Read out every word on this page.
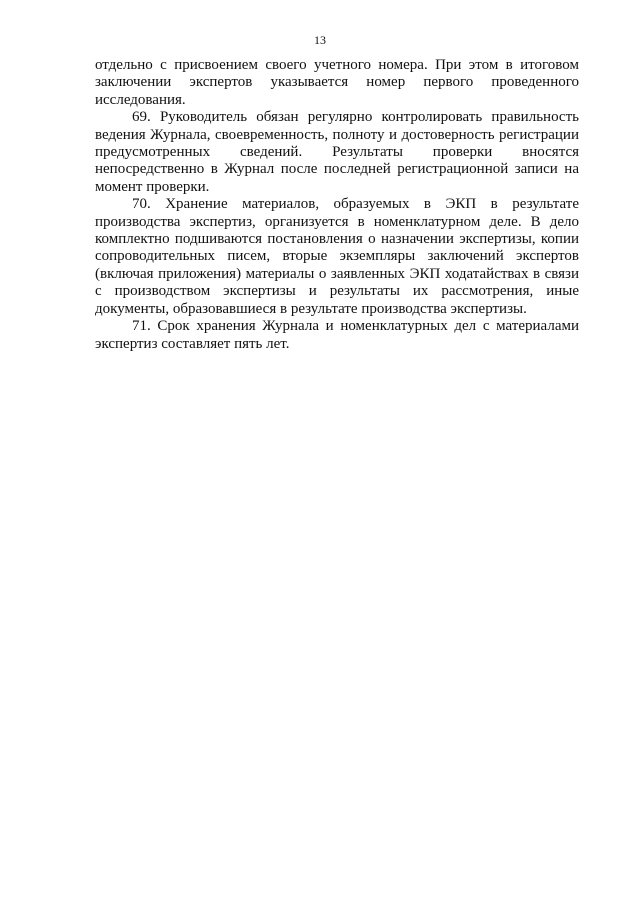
13

отдельно с присвоением своего учетного номера. При этом в итоговом заключении экспертов указывается номер первого проведенного исследования.

69. Руководитель обязан регулярно контролировать правильность ведения Журнала, своевременность, полноту и достоверность регистрации предусмотренных сведений. Результаты проверки вносятся непосредственно в Журнал после последней регистрационной записи на момент проверки.

70. Хранение материалов, образуемых в ЭКП в результате производства экспертиз, организуется в номенклатурном деле. В дело комплектно подшиваются постановления о назначении экспертизы, копии сопроводительных писем, вторые экземпляры заключений экспертов (включая приложения) материалы о заявленных ЭКП ходатайствах в связи с производством экспертизы и результаты их рассмотрения, иные документы, образовавшиеся в результате производства экспертизы.

71. Срок хранения Журнала и номенклатурных дел с материалами экспертиз составляет пять лет.
